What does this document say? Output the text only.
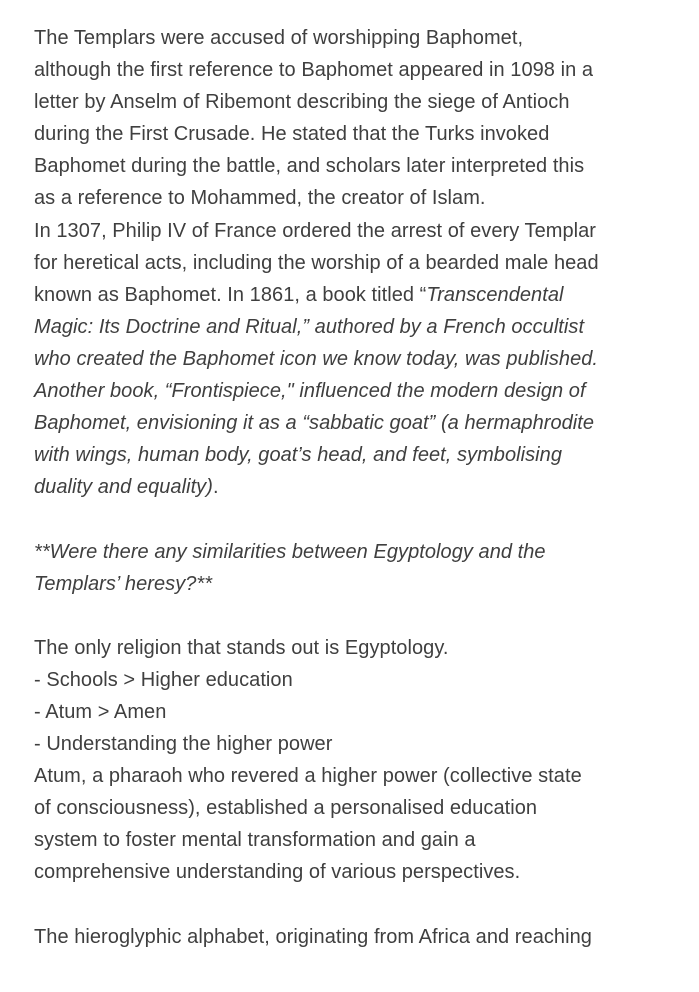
The Templars were accused of worshipping Baphomet,
although the first reference to Baphomet appeared in 1098 in a
letter by Anselm of Ribemont describing the siege of Antioch
during the First Crusade. He stated that the Turks invoked
Baphomet during the battle, and scholars later interpreted this
as a reference to Mohammed, the creator of Islam.
In 1307, Philip IV of France ordered the arrest of every Templar
for heretical acts, including the worship of a bearded male head
known as Baphomet. In 1861, a book titled “Transcendental
Magic: Its Doctrine and Ritual,” authored by a French occultist
who created the Baphomet icon we know today, was published.
Another book, “Frontispiece," influenced the modern design of
Baphomet, envisioning it as a “sabbatic goat” (a hermaphrodite
with wings, human body, goat’s head, and feet, symbolising
duality and equality).
**Were there any similarities between Egyptology and the
Templars’ heresy?**
The only religion that stands out is Egyptology.
- Schools > Higher education
- Atum > Amen
- Understanding the higher power
Atum, a pharaoh who revered a higher power (collective state
of consciousness), established a personalised education
system to foster mental transformation and gain a
comprehensive understanding of various perspectives.
The hieroglyphic alphabet, originating from Africa and reaching
